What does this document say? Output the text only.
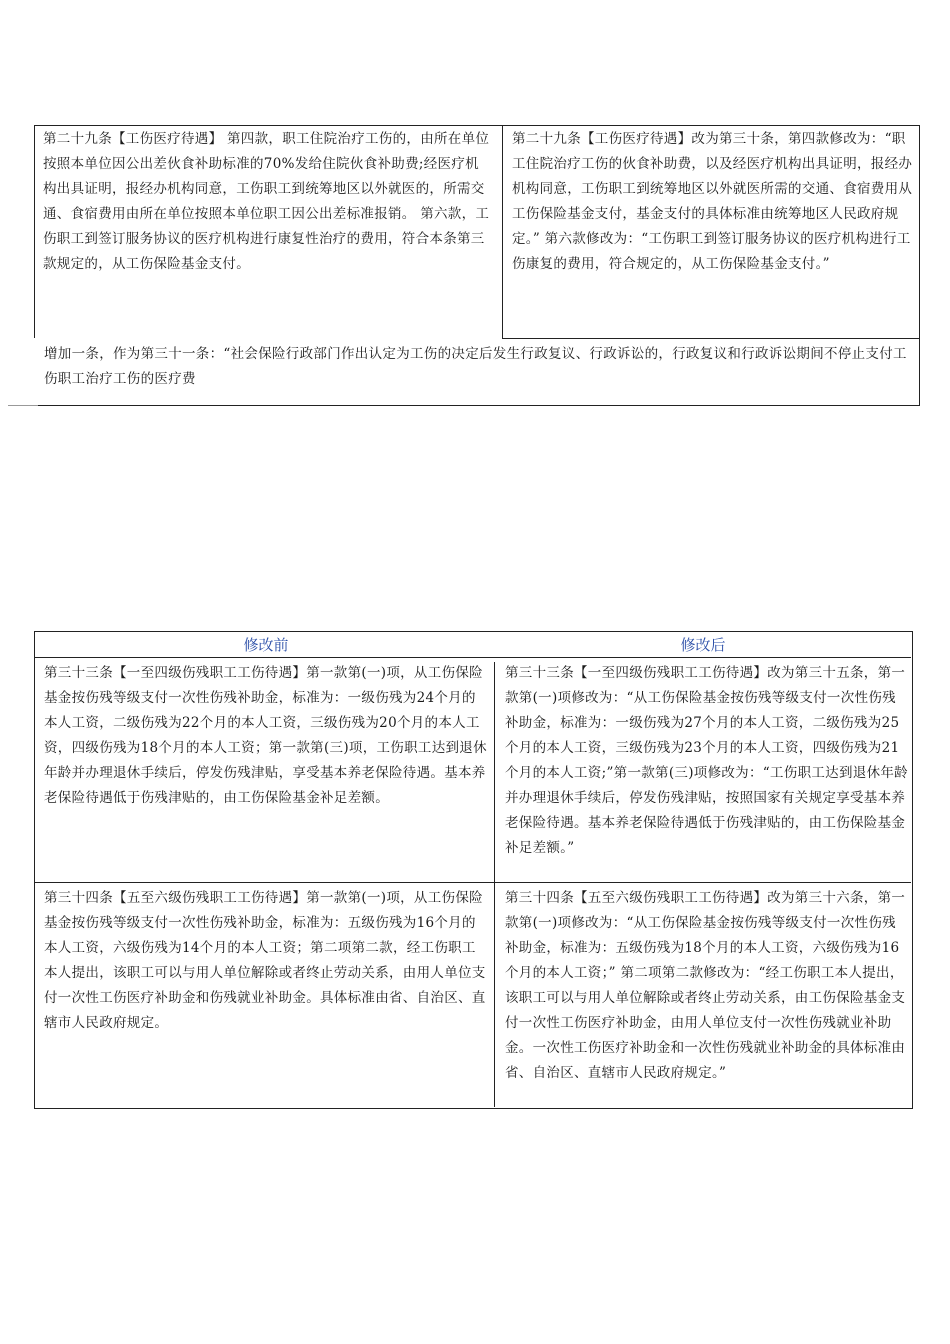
第二十九条【工伤医疗待遇】 第四款，职工住院治疗工伤的，由所在单位按照本单位因公出差伙食补助标准的70%发给住院伙食补助费;经医疗机构出具证明，报经办机构同意，工伤职工到统筹地区以外就医的，所需交通、食宿费用由所在单位按照本单位职工因公出差标准报销。 第六款，工伤职工到签订服务协议的医疗机构进行康复性治疗的费用，符合本条第三款规定的，从工伤保险基金支付。
第二十九条【工伤医疗待遇】改为第三十条，第四款修改为：“职工住院治疗工伤的伙食补助费，以及经医疗机构出具证明，报经办机构同意，工伤职工到统筹地区以外就医所需的交通、食宿费用从工伤保险基金支付，基金支付的具体标准由统筹地区人民政府规定。” 第六款修改为：“工伤职工到签订服务协议的医疗机构进行工伤康复的费用，符合规定的，从工伤保险基金支付。”
增加一条，作为第三十一条：“社会保险行政部门作出认定为工伤的决定后发生行政复议、行政诉讼的，行政复议和行政诉讼期间不停止支付工伤职工治疗工伤的医疗费
修改前	修改后
第三十三条【一至四级伤残职工工伤待遇】第一款第(一)项，从工伤保险基金按伤残等级支付一次性伤残补助金，标准为：一级伤残为24个月的本人工资，二级伤残为22个月的本人工资，三级伤残为20个月的本人工资，四级伤残为18个月的本人工资；第一款第(三)项，工伤职工达到退休年龄并办理退休手续后，停发伤残津贴，享受基本养老保险待遇。基本养老保险待遇低于伤残津贴的，由工伤保险基金补足差额。
第三十三条【一至四级伤残职工工伤待遇】改为第三十五条，第一款第(一)项修改为：“从工伤保险基金按伤残等级支付一次性伤残补助金，标准为：一级伤残为27个月的本人工资，二级伤残为25个月的本人工资，三级伤残为23个月的本人工资，四级伤残为21个月的本人工资;”第一款第(三)项修改为：“工伤职工达到退休年龄并办理退休手续后，停发伤残津贴，按照国家有关规定享受基本养老保险待遇。基本养老保险待遇低于伤残津贴的，由工伤保险基金补足差额。”
第三十四条【五至六级伤残职工工伤待遇】第一款第(一)项，从工伤保险基金按伤残等级支付一次性伤残补助金，标准为：五级伤残为16个月的本人工资，六级伤残为14个月的本人工资；第二项第二款，经工伤职工本人提出，该职工可以与用人单位解除或者终止劳动关系，由用人单位支付一次性工伤医疗补助金和伤残就业补助金。具体标准由省、自治区、直辖市人民政府规定。
第三十四条【五至六级伤残职工工伤待遇】改为第三十六条，第一款第(一)项修改为：“从工伤保险基金按伤残等级支付一次性伤残补助金，标准为：五级伤残为18个月的本人工资，六级伤残为16个月的本人工资；” 第二项第二款修改为：“经工伤职工本人提出，该职工可以与用人单位解除或者终止劳动关系，由工伤保险基金支付一次性工伤医疗补助金，由用人单位支付一次性伤残就业补助金。一次性工伤医疗补助金和一次性伤残就业补助金的具体标准由省、自治区、直辖市人民政府规定。”
